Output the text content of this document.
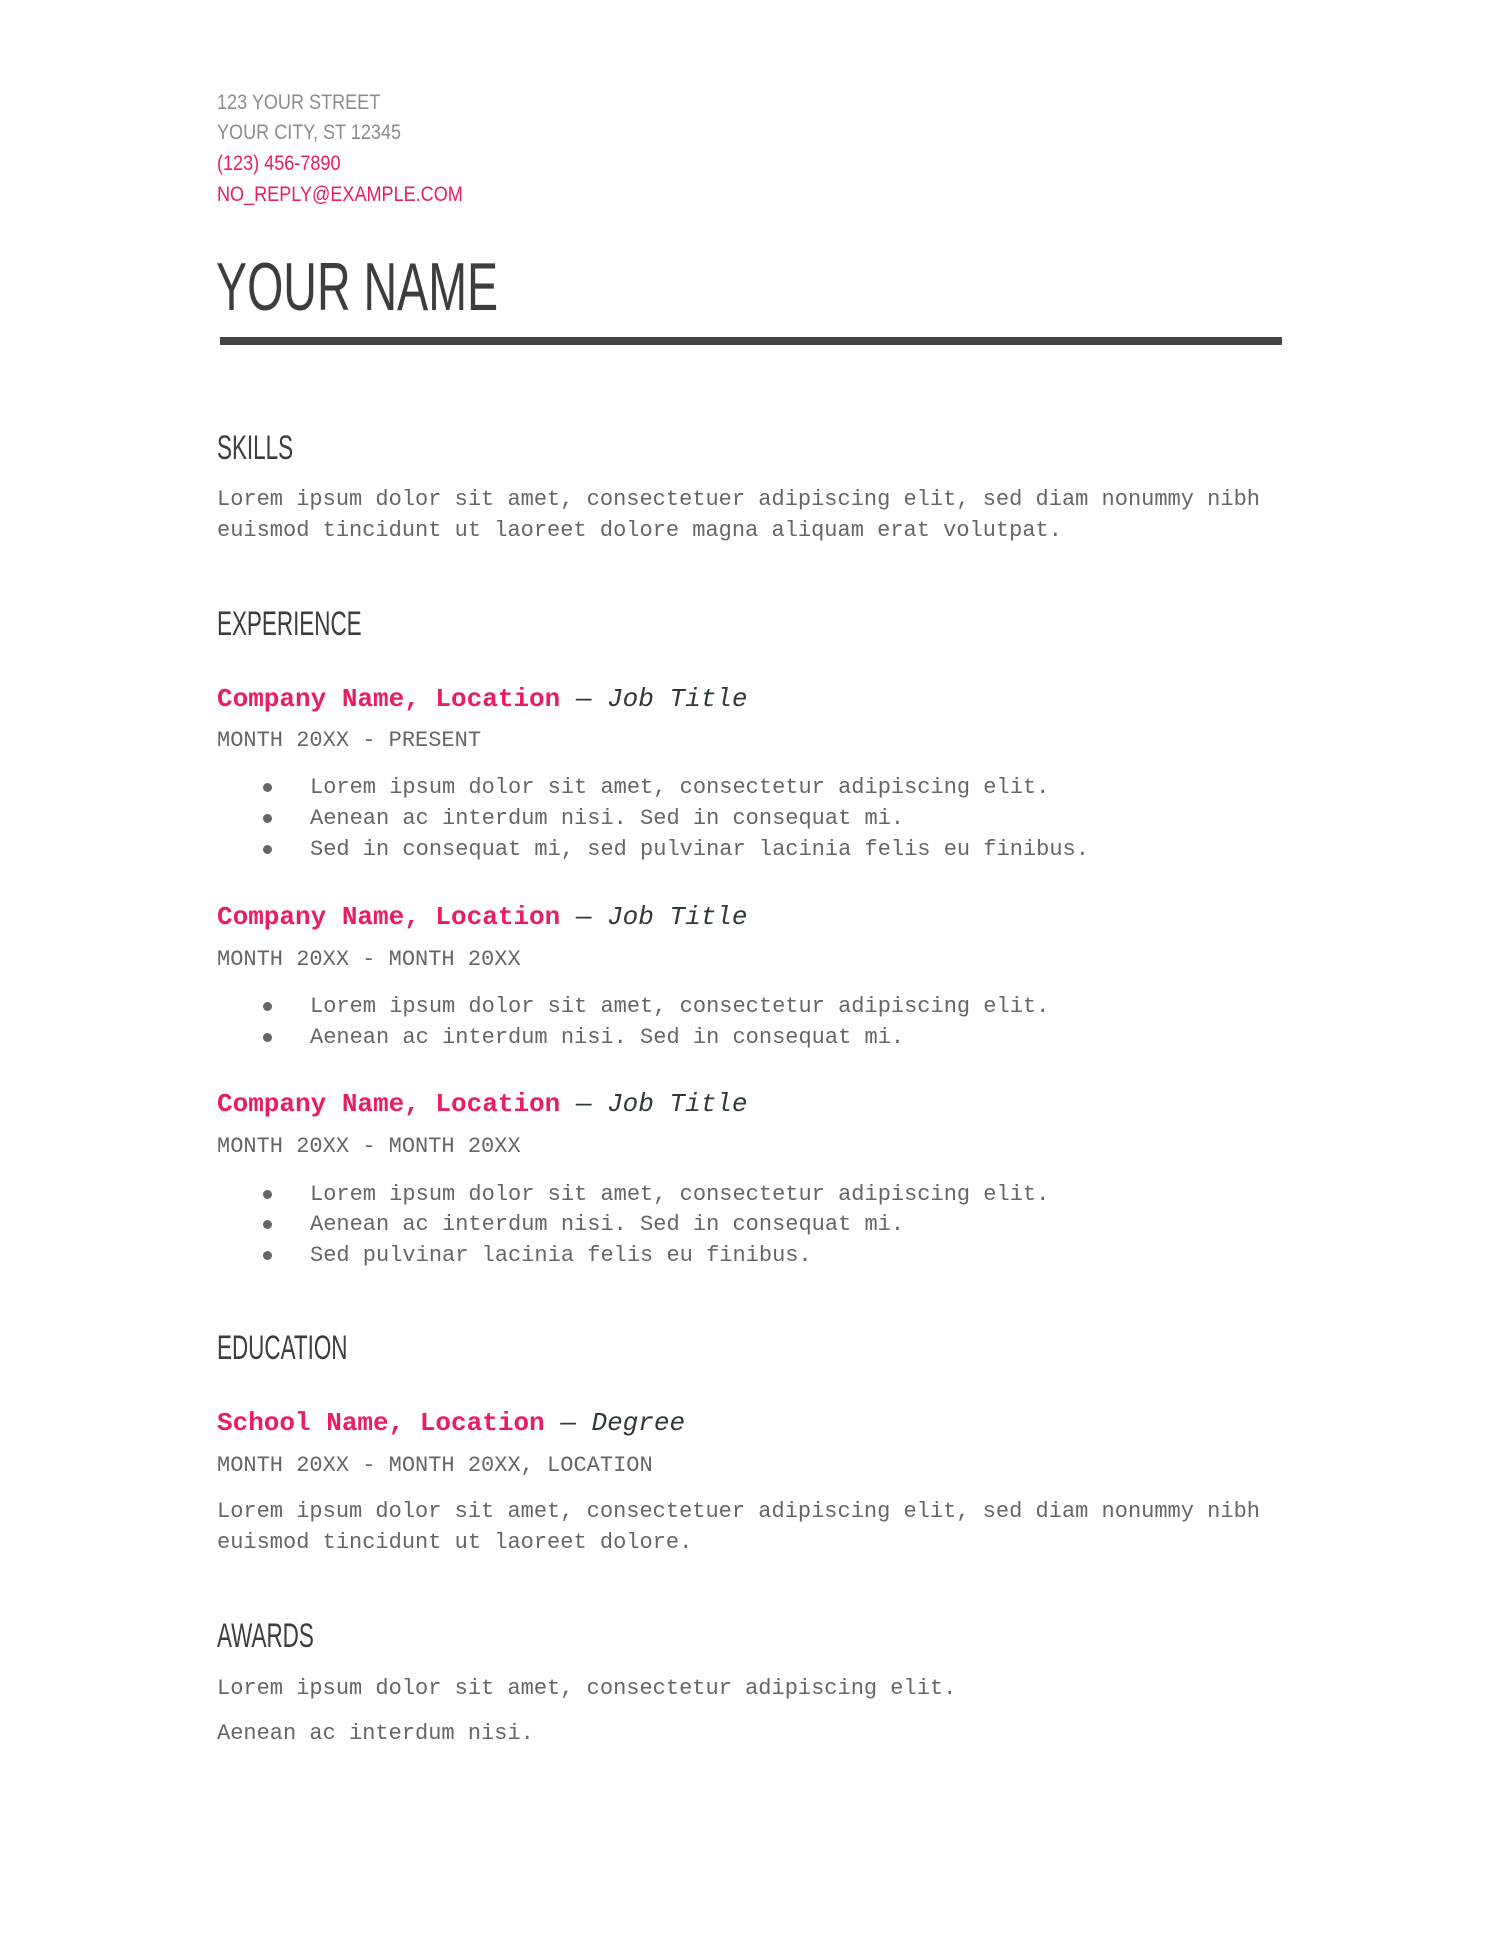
123 YOUR STREET
YOUR CITY, ST 12345
(123) 456-7890
NO_REPLY@EXAMPLE.COM
YOUR NAME
SKILLS
Lorem ipsum dolor sit amet, consectetuer adipiscing elit, sed diam nonummy nibh
euismod tincidunt ut laoreet dolore magna aliquam erat volutpat.
EXPERIENCE
Company Name, Location — Job Title
MONTH 20XX - PRESENT
Lorem ipsum dolor sit amet, consectetur adipiscing elit.
Aenean ac interdum nisi. Sed in consequat mi.
Sed in consequat mi, sed pulvinar lacinia felis eu finibus.
Company Name, Location — Job Title
MONTH 20XX - MONTH 20XX
Lorem ipsum dolor sit amet, consectetur adipiscing elit.
Aenean ac interdum nisi. Sed in consequat mi.
Company Name, Location — Job Title
MONTH 20XX - MONTH 20XX
Lorem ipsum dolor sit amet, consectetur adipiscing elit.
Aenean ac interdum nisi. Sed in consequat mi.
Sed pulvinar lacinia felis eu finibus.
EDUCATION
School Name, Location — Degree
MONTH 20XX - MONTH 20XX, LOCATION
Lorem ipsum dolor sit amet, consectetuer adipiscing elit, sed diam nonummy nibh
euismod tincidunt ut laoreet dolore.
AWARDS
Lorem ipsum dolor sit amet, consectetur adipiscing elit.
Aenean ac interdum nisi.
